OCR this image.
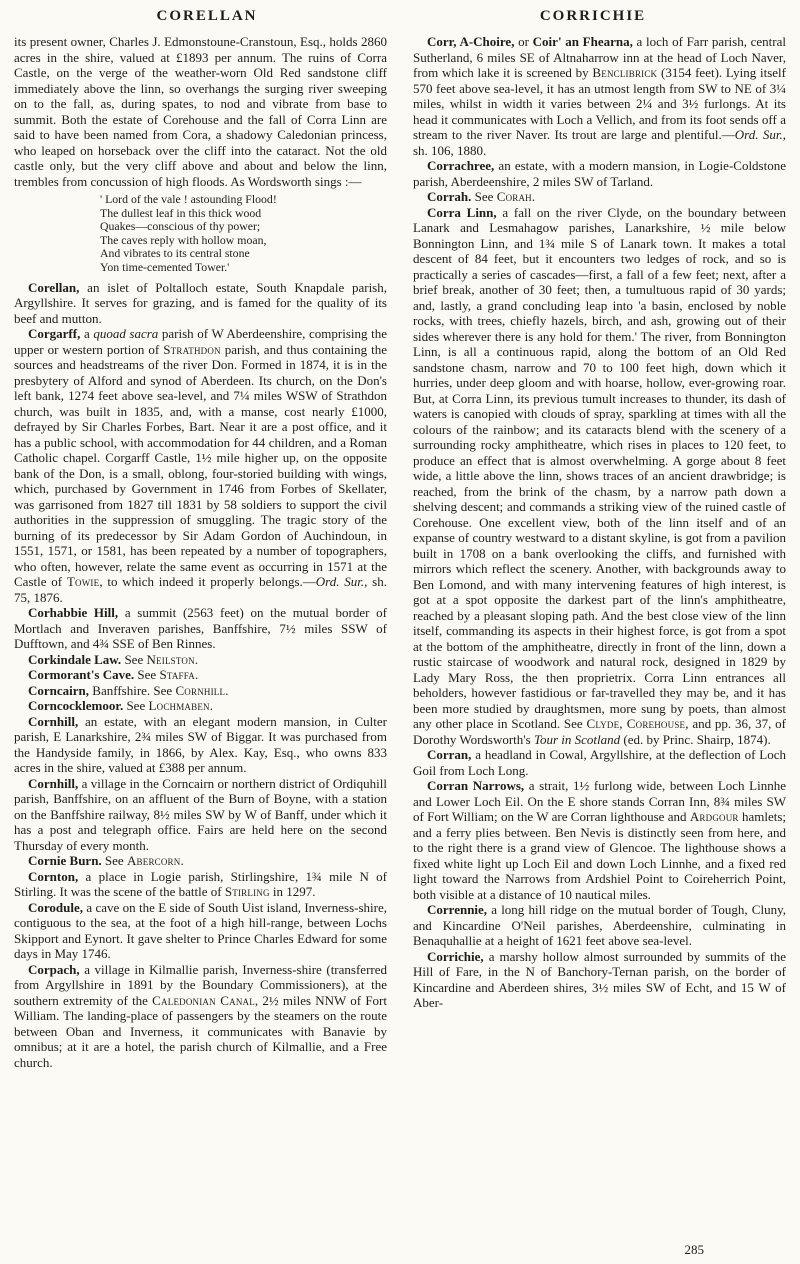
CORELLAN	CORRICHIE

its present owner, Charles J. Edmonstoune-Cranstoun, Esq., holds 2860 acres in the shire, valued at £1893 per annum. The ruins of Corra Castle, on the verge of the weather-worn Old Red sandstone cliff immediately above the linn, so overhangs the surging river sweeping on to the fall, as, during spates, to nod and vibrate from base to summit. Both the estate of Corehouse and the fall of Corra Linn are said to have been named from Cora, a shadowy Caledonian princess, who leaped on horseback over the cliff into the cataract. Not the old castle only, but the very cliff above and about and below the linn, trembles from concussion of high floods. As Wordsworth sings :—

' Lord of the vale ! astounding Flood!
The dullest leaf in this thick wood
Quakes—conscious of thy power;
The caves reply with hollow moan,
And vibrates to its central stone
Yon time-cemented Tower.'

Corellan, an islet of Poltalloch estate, South Knapdale parish, Argyllshire. It serves for grazing, and is famed for the quality of its beef and mutton.

Corgarff, a quoad sacra parish of W Aberdeenshire, comprising the upper or western portion of Strathdon parish, and thus containing the sources and headstreams of the river Don. Formed in 1874, it is in the presbytery of Alford and synod of Aberdeen. Its church, on the Don's left bank, 1274 feet above sea-level, and 7¼ miles WSW of Strathdon church, was built in 1835, and, with a manse, cost nearly £1000, defrayed by Sir Charles Forbes, Bart. Near it are a post office, and it has a public school, with accommodation for 44 children, and a Roman Catholic chapel. Corgarff Castle, 1½ mile higher up, on the opposite bank of the Don, is a small, oblong, four-storied building with wings, which, purchased by Government in 1746 from Forbes of Skellater, was garrisoned from 1827 till 1831 by 58 soldiers to support the civil authorities in the suppression of smuggling. The tragic story of the burning of its predecessor by Sir Adam Gordon of Auchindoun, in 1551, 1571, or 1581, has been repeated by a number of topographers, who often, however, relate the same event as occurring in 1571 at the Castle of Towie, to which indeed it properly belongs.—Ord. Sur., sh. 75, 1876.

Corhabbie Hill, a summit (2563 feet) on the mutual border of Mortlach and Inveraven parishes, Banffshire, 7½ miles SSW of Dufftown, and 4¾ SSE of Ben Rinnes.

Corkindale Law. See Neilston.

Cormorant's Cave. See Staffa.

Corncairn, Banffshire. See Cornhill.

Corncocklemoor. See Lochmaben.

Cornhill, an estate, with an elegant modern mansion, in Culter parish, E Lanarkshire, 2¾ miles SW of Biggar. It was purchased from the Handyside family, in 1866, by Alex. Kay, Esq., who owns 833 acres in the shire, valued at £388 per annum.

Cornhill, a village in the Corncairn or northern district of Ordiquhill parish, Banffshire, on an affluent of the Burn of Boyne, with a station on the Banffshire railway, 8½ miles SW by W of Banff, under which it has a post and telegraph office. Fairs are held here on the second Thursday of every month.

Cornie Burn. See Abercorn.

Cornton, a place in Logie parish, Stirlingshire, 1¾ mile N of Stirling. It was the scene of the battle of Stirling in 1297.

Corodule, a cave on the E side of South Uist island, Inverness-shire, contiguous to the sea, at the foot of a high hill-range, between Lochs Skipport and Eynort. It gave shelter to Prince Charles Edward for some days in May 1746.

Corpach, a village in Kilmallie parish, Inverness-shire (transferred from Argyllshire in 1891 by the Boundary Commissioners), at the southern extremity of the Caledonian Canal, 2½ miles NNW of Fort William. The landing-place of passengers by the steamers on the route between Oban and Inverness, it communicates with Banavie by omnibus; at it are a hotel, the parish church of Kilmallie, and a Free church.

Corr, A-Choire, or Coir' an Fhearna, a loch of Farr parish, central Sutherland, 6 miles SE of Altnaharrow inn at the head of Loch Naver, from which lake it is screened by Benclibrick (3154 feet). Lying itself 570 feet above sea-level, it has an utmost length from SW to NE of 3¼ miles, whilst in width it varies between 2¼ and 3½ furlongs. At its head it communicates with Loch a Vellich, and from its foot sends off a stream to the river Naver. Its trout are large and plentiful.—Ord. Sur., sh. 106, 1880.

Corrachree, an estate, with a modern mansion, in Logie-Coldstone parish, Aberdeenshire, 2 miles SW of Tarland.

Corrah. See Corah.

Corra Linn, a fall on the river Clyde, on the boundary between Lanark and Lesmahagow parishes, Lanarkshire, ½ mile below Bonnington Linn, and 1¾ mile S of Lanark town. It makes a total descent of 84 feet, but it encounters two ledges of rock, and so is practically a series of cascades—first, a fall of a few feet; next, after a brief break, another of 30 feet; then, a tumultuous rapid of 30 yards; and, lastly, a grand concluding leap into 'a basin, enclosed by noble rocks, with trees, chiefly hazels, birch, and ash, growing out of their sides wherever there is any hold for them.' The river, from Bonnington Linn, is all a continuous rapid, along the bottom of an Old Red sandstone chasm, narrow and 70 to 100 feet high, down which it hurries, under deep gloom and with hoarse, hollow, ever-growing roar. But, at Corra Linn, its previous tumult increases to thunder, its dash of waters is canopied with clouds of spray, sparkling at times with all the colours of the rainbow; and its cataracts blend with the scenery of a surrounding rocky amphitheatre, which rises in places to 120 feet, to produce an effect that is almost overwhelming. A gorge about 8 feet wide, a little above the linn, shows traces of an ancient drawbridge; is reached, from the brink of the chasm, by a narrow path down a shelving descent; and commands a striking view of the ruined castle of Corehouse. One excellent view, both of the linn itself and of an expanse of country westward to a distant skyline, is got from a pavilion built in 1708 on a bank overlooking the cliffs, and furnished with mirrors which reflect the scenery. Another, with backgrounds away to Ben Lomond, and with many intervening features of high interest, is got at a spot opposite the darkest part of the linn's amphitheatre, reached by a pleasant sloping path. And the best close view of the linn itself, commanding its aspects in their highest force, is got from a spot at the bottom of the amphitheatre, directly in front of the linn, down a rustic staircase of woodwork and natural rock, designed in 1829 by Lady Mary Ross, the then proprietrix. Corra Linn entrances all beholders, however fastidious or far-travelled they may be, and it has been more studied by draughtsmen, more sung by poets, than almost any other place in Scotland. See Clyde, Corehouse, and pp. 36, 37, of Dorothy Wordsworth's Tour in Scotland (ed. by Princ. Shairp, 1874).

Corran, a headland in Cowal, Argyllshire, at the deflection of Loch Goil from Loch Long.

Corran Narrows, a strait, 1½ furlong wide, between Loch Linnhe and Lower Loch Eil. On the E shore stands Corran Inn, 8¾ miles SW of Fort William; on the W are Corran lighthouse and Ardgour hamlets; and a ferry plies between. Ben Nevis is distinctly seen from here, and to the right there is a grand view of Glencoe. The lighthouse shows a fixed white light up Loch Eil and down Loch Linnhe, and a fixed red light toward the Narrows from Ardshiel Point to Coireherrich Point, both visible at a distance of 10 nautical miles.

Corrennie, a long hill ridge on the mutual border of Tough, Cluny, and Kincardine O'Neil parishes, Aberdeenshire, culminating in Benaquhallie at a height of 1621 feet above sea-level.

Corrichie, a marshy hollow almost surrounded by summits of the Hill of Fare, in the N of Banchory-Ternan parish, on the border of Kincardine and Aberdeen shires, 3½ miles SW of Echt, and 15 W of Aber-

285
